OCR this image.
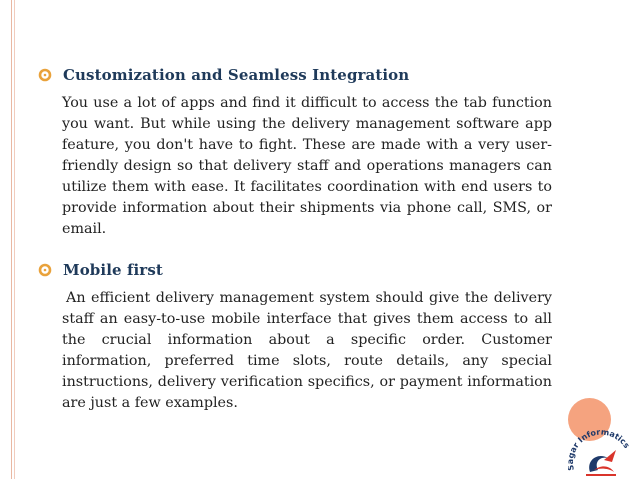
Customization and Seamless Integration
You use a lot of apps and find it difficult to access the tab function you want. But while using the delivery management software app feature, you don't have to fight. These are made with a very user-friendly design so that delivery staff and operations managers can utilize them with ease. It facilitates coordination with end users to provide information about their shipments via phone call, SMS, or email.
Mobile first
An efficient delivery management system should give the delivery staff an easy-to-use mobile interface that gives them access to all the crucial information about a specific order. Customer information, preferred time slots, route details, any special instructions, delivery verification specifics, or payment information are just a few examples.
ar Informatics
